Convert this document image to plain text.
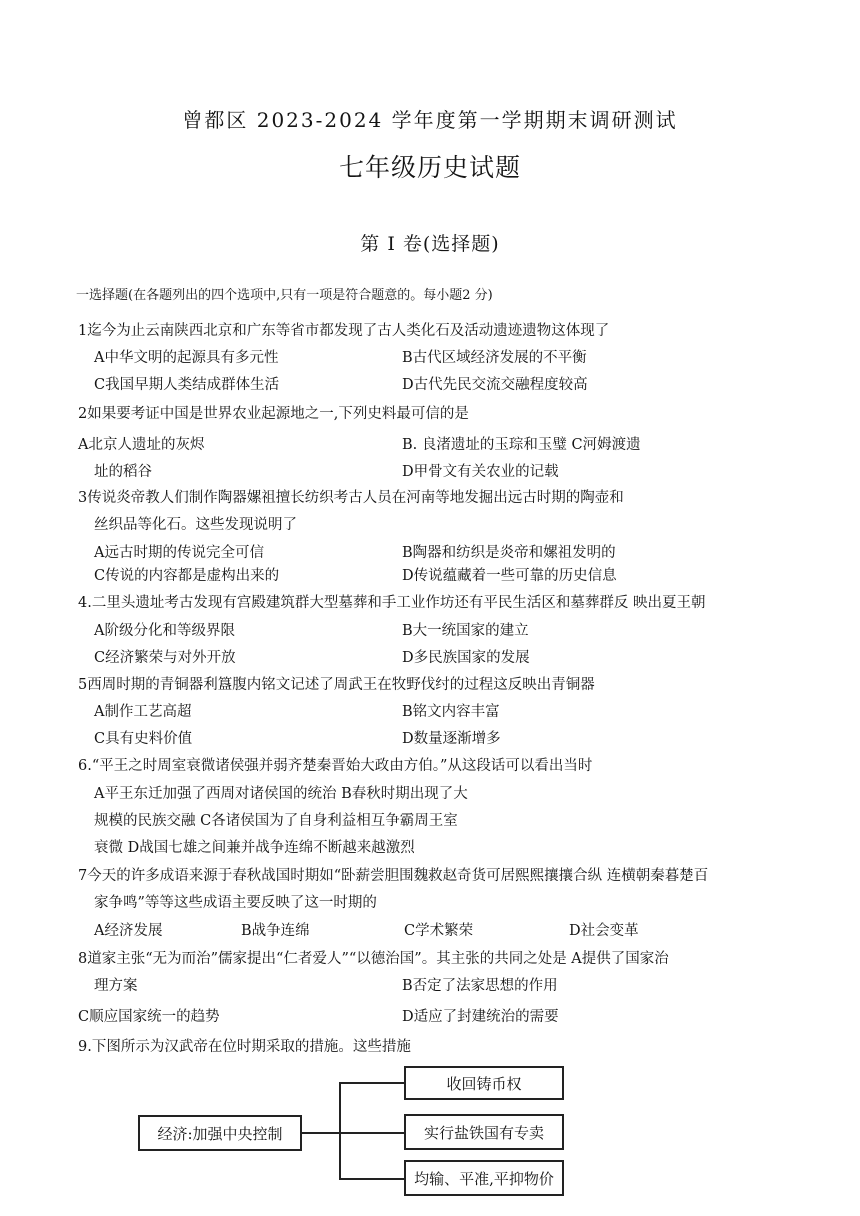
曾都区 2023-2024 学年度第一学期期末调研测试
七年级历史试题
第 I 卷(选择题)
一选择题(在各题列出的四个选项中,只有一项是符合题意的。每小题2 分)
1迄今为止云南陕西北京和广东等省市都发现了古人类化石及活动遗迹遗物这体现了
A中华文明的起源具有多元性	B古代区域经济发展的不平衡
C我国早期人类结成群体生活	D古代先民交流交融程度较高
2如果要考证中国是世界农业起源地之一,下列史料最可信的是
A北京人遗址的灰烬	B. 良渚遗址的玉琮和玉璧 C河姆渡遗
址的稻谷	D甲骨文有关农业的记载
3传说炎帝教人们制作陶器嫘祖擅长纺织考古人员在河南等地发掘出远古时期的陶壶和
丝织品等化石。这些发现说明了
A远古时期的传说完全可信	B陶器和纺织是炎帝和嫘祖发明的
C传说的内容都是虚构出来的	D传说蕴藏着一些可靠的历史信息
4.二里头遗址考古发现有宫殿建筑群大型墓葬和手工业作坊还有平民生活区和墓葬群反 映出夏王朝
A阶级分化和等级界限	B大一统国家的建立
C经济繁荣与对外开放	D多民族国家的发展
5西周时期的青铜器利簋腹内铭文记述了周武王在牧野伐纣的过程这反映出青铜器
A制作工艺高超	B铭文内容丰富
C具有史料价值	D数量逐渐增多
6.“平王之时周室衰微诸侯强并弱齐楚秦晋始大政由方伯。”从这段话可以看出当时
A平王东迁加强了西周对诸侯国的统治 B春秋时期出现了大
规模的民族交融 C各诸侯国为了自身利益相互争霸周王室
衰微 D战国七雄之间兼并战争连绵不断越来越激烈
7今天的许多成语来源于春秋战国时期如“卧薪尝胆围魏救赵奇货可居熙熙攘攘合纵 连横朝秦暮楚百
家争鸣”等等这些成语主要反映了这一时期的
A经济发展	B战争连绵	C学术繁荣	D社会变革
8道家主张“无为而治”儒家提出“仁者爱人”“以德治国”。其主张的共同之处是 A提供了国家治
理方案	B否定了法家思想的作用
C顺应国家统一的趋势	D适应了封建统治的需要
9.下图所示为汉武帝在位时期采取的措施。这些措施
经济:加强中央控制
收回铸币权
实行盐铁国有专卖
均输、平准,平抑物价
